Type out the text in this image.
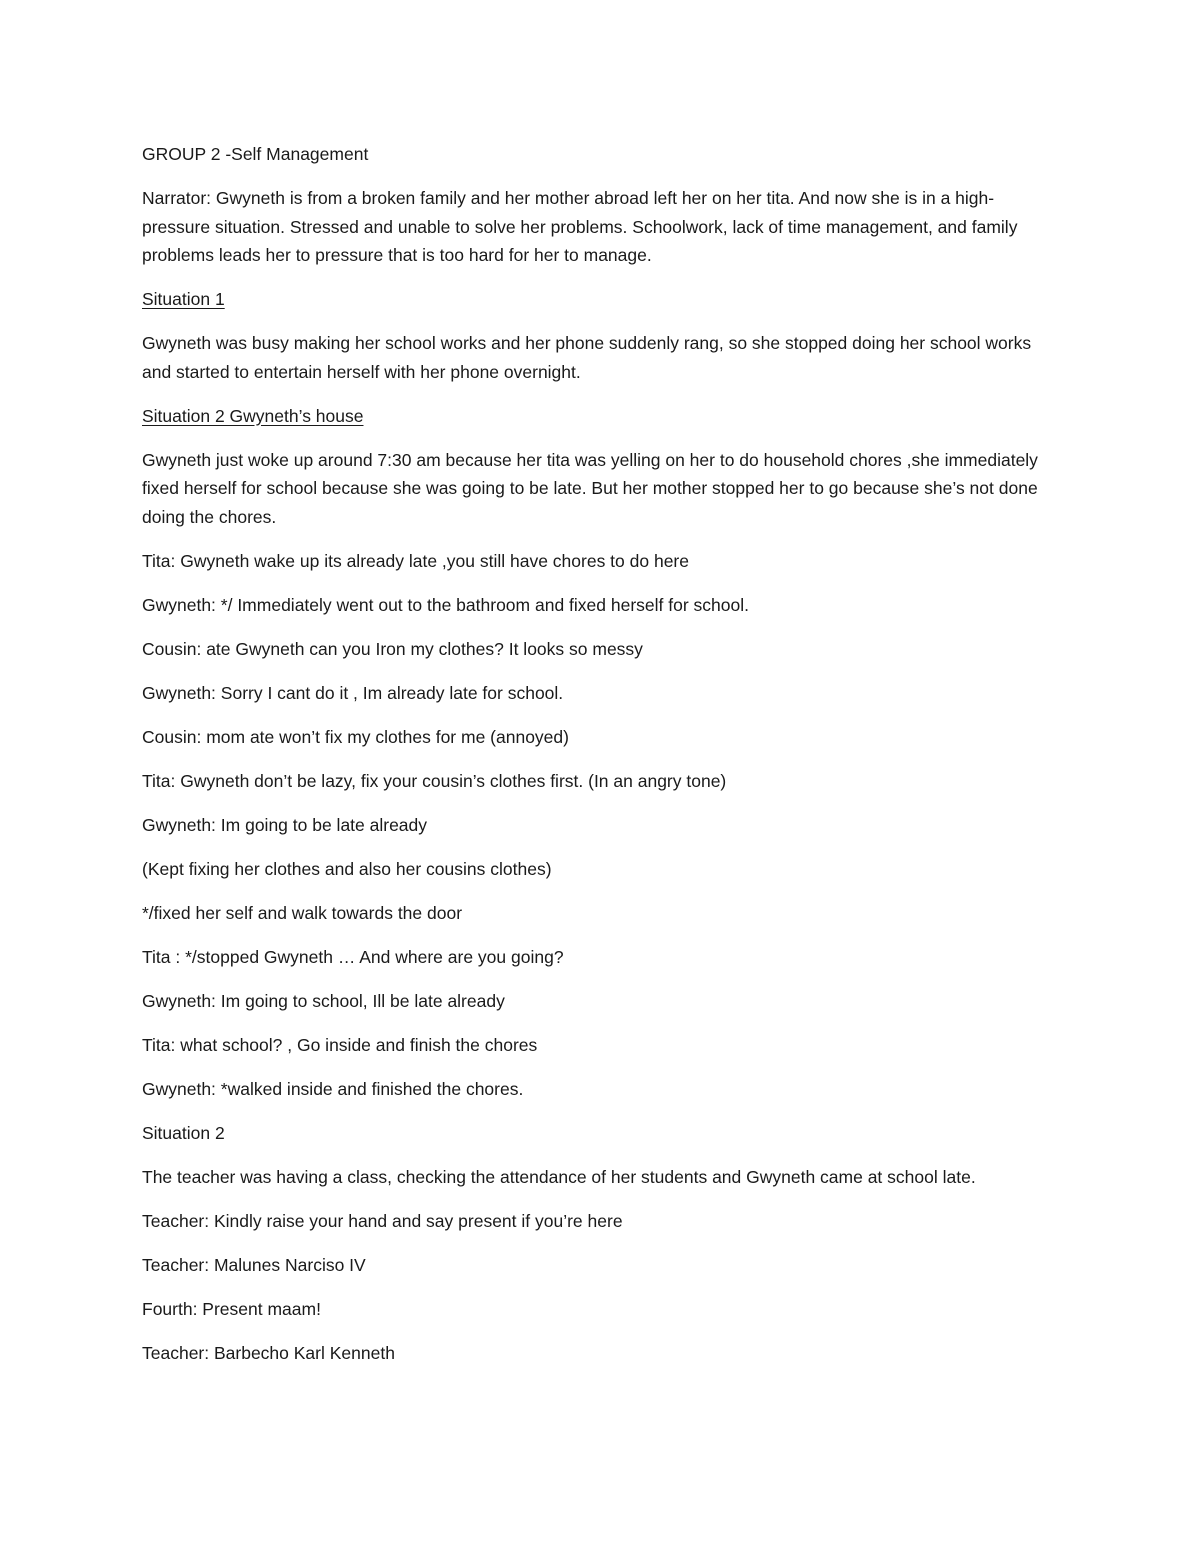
GROUP 2 -Self Management

Narrator: Gwyneth is from a broken family and her mother abroad left her on her tita. And now she is in a high-pressure situation. Stressed and unable to solve her problems. Schoolwork, lack of time management, and family problems leads her to pressure that is too hard for her to manage.

Situation 1

Gwyneth was busy making her school works and her phone suddenly rang, so she stopped doing her school works and started to entertain herself with her phone overnight.

Situation 2 Gwyneth’s house

Gwyneth just woke up around 7:30 am because her tita was yelling on her to do household chores ,she immediately fixed herself for school because she was going to be late. But her mother stopped her to go because she’s not done doing the chores.

Tita: Gwyneth wake up its already late ,you still have chores to do here

Gwyneth: */ Immediately went out to the bathroom and fixed herself for school.

Cousin: ate Gwyneth can you Iron my clothes? It looks so messy

Gwyneth: Sorry I cant do it , Im already late for school.

Cousin: mom ate won’t fix my clothes for me (annoyed)

Tita: Gwyneth don’t be lazy, fix your cousin’s clothes first. (In an angry tone)

Gwyneth: Im going to be late already

(Kept fixing her clothes and also her cousins clothes)

*/fixed her self and walk towards the door

Tita : */stopped Gwyneth … And where are you going?

Gwyneth: Im going to school, Ill be late already

Tita: what school? , Go inside and finish the chores

Gwyneth: *walked inside and finished the chores.

Situation 2

The teacher was having a class, checking the attendance of her students and Gwyneth came at school late.

Teacher: Kindly raise your hand and say present if you’re here

Teacher: Malunes Narciso IV

Fourth: Present maam!

Teacher: Barbecho Karl Kenneth
